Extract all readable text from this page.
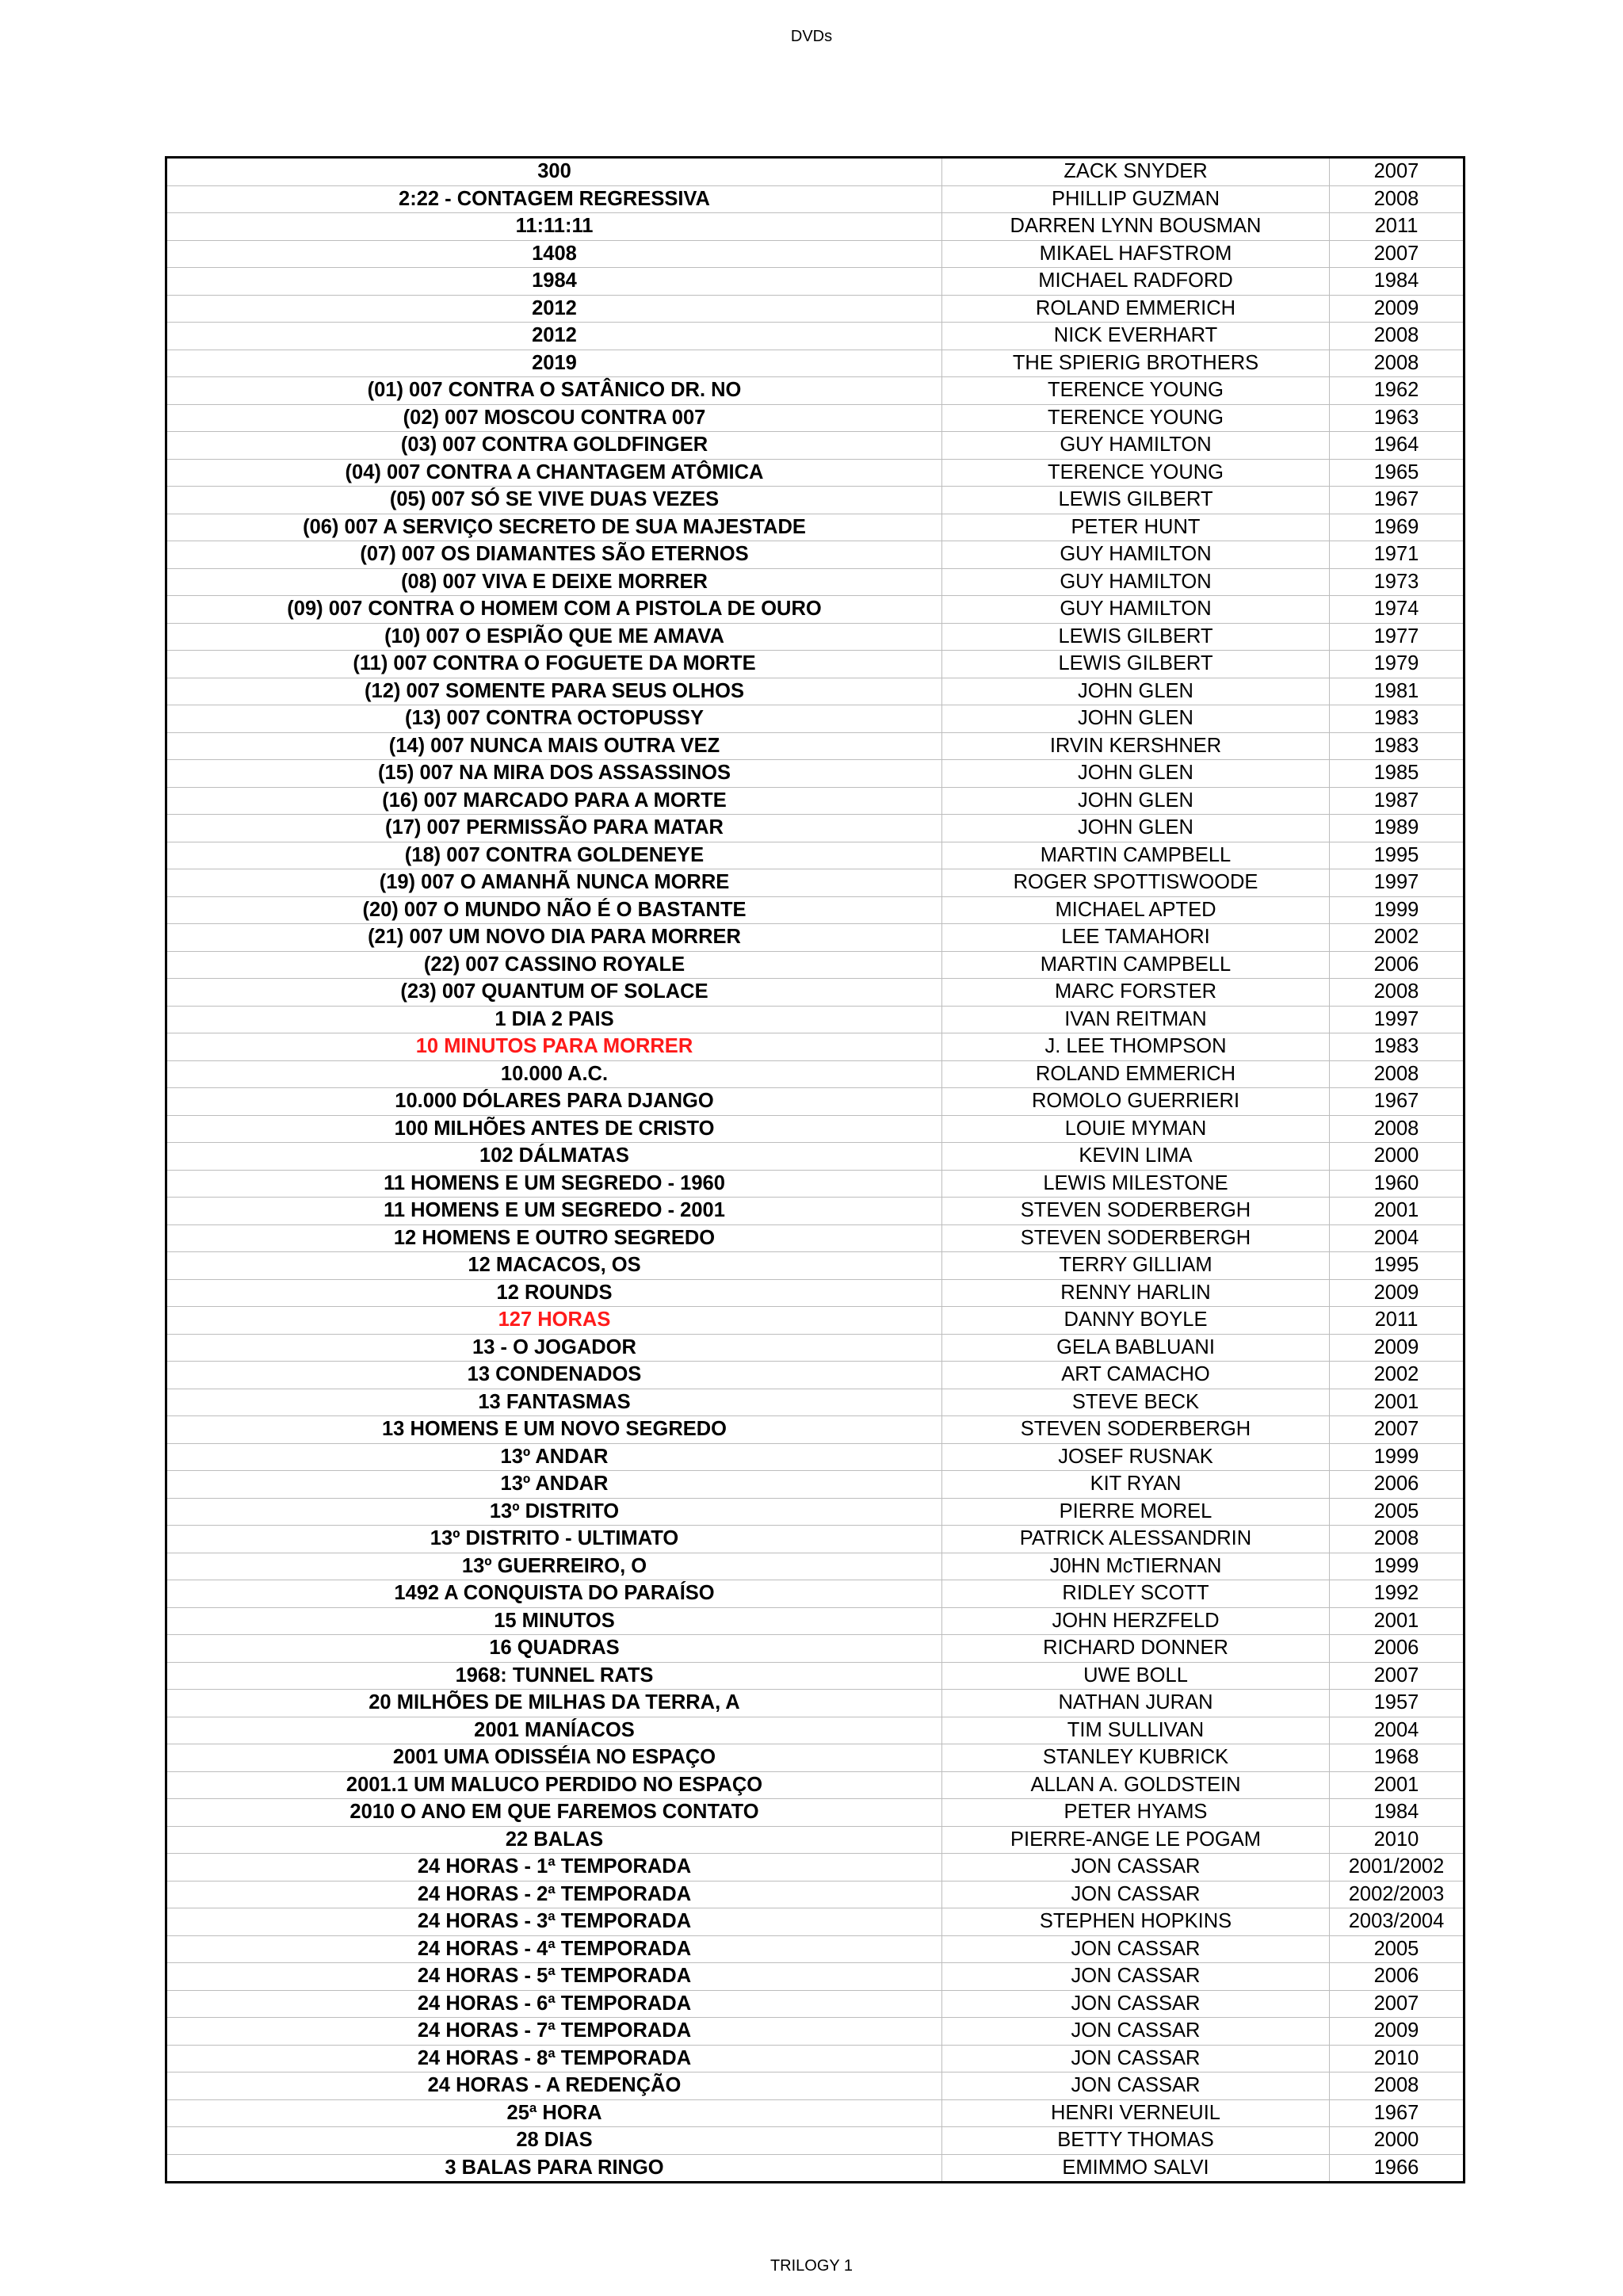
DVDs
300	ZACK SNYDER	2007
2:22 - CONTAGEM REGRESSIVA	PHILLIP GUZMAN	2008
11:11:11	DARREN LYNN BOUSMAN	2011
1408	MIKAEL HAFSTROM	2007
1984	MICHAEL RADFORD	1984
2012	ROLAND EMMERICH	2009
2012	NICK EVERHART	2008
2019	THE SPIERIG BROTHERS	2008
(01) 007 CONTRA O SATÂNICO DR. NO	TERENCE YOUNG	1962
(02) 007 MOSCOU CONTRA 007	TERENCE YOUNG	1963
(03) 007 CONTRA GOLDFINGER	GUY HAMILTON	1964
(04) 007 CONTRA A CHANTAGEM ATÔMICA	TERENCE YOUNG	1965
(05) 007 SÓ SE VIVE DUAS VEZES	LEWIS GILBERT	1967
(06) 007 A SERVIÇO SECRETO DE SUA MAJESTADE	PETER HUNT	1969
(07) 007 OS DIAMANTES SÃO ETERNOS	GUY HAMILTON	1971
(08) 007 VIVA E DEIXE MORRER	GUY HAMILTON	1973
(09) 007 CONTRA O HOMEM COM A PISTOLA DE OURO	GUY HAMILTON	1974
(10) 007 O ESPIÃO QUE ME AMAVA	LEWIS GILBERT	1977
(11) 007 CONTRA O FOGUETE DA MORTE	LEWIS GILBERT	1979
(12) 007 SOMENTE PARA SEUS OLHOS	JOHN GLEN	1981
(13) 007 CONTRA OCTOPUSSY	JOHN GLEN	1983
(14) 007 NUNCA MAIS OUTRA VEZ	IRVIN KERSHNER	1983
(15) 007 NA MIRA DOS ASSASSINOS	JOHN GLEN	1985
(16) 007 MARCADO PARA A MORTE	JOHN GLEN	1987
(17) 007 PERMISSÃO PARA MATAR	JOHN GLEN	1989
(18) 007 CONTRA GOLDENEYE	MARTIN CAMPBELL	1995
(19) 007 O AMANHÃ NUNCA MORRE	ROGER SPOTTISWOODE	1997
(20) 007 O MUNDO NÃO É O BASTANTE	MICHAEL APTED	1999
(21) 007 UM NOVO DIA PARA MORRER	LEE TAMAHORI	2002
(22) 007 CASSINO ROYALE	MARTIN CAMPBELL	2006
(23) 007 QUANTUM OF SOLACE	MARC FORSTER	2008
1 DIA 2 PAIS	IVAN REITMAN	1997
10 MINUTOS PARA MORRER	J. LEE THOMPSON	1983
10.000 A.C.	ROLAND EMMERICH	2008
10.000 DÓLARES PARA DJANGO	ROMOLO GUERRIERI	1967
100 MILHÕES ANTES DE CRISTO	LOUIE MYMAN	2008
102 DÁLMATAS	KEVIN LIMA	2000
11 HOMENS E UM SEGREDO - 1960	LEWIS MILESTONE	1960
11 HOMENS E UM SEGREDO - 2001	STEVEN SODERBERGH	2001
12 HOMENS E OUTRO SEGREDO	STEVEN SODERBERGH	2004
12 MACACOS, OS	TERRY GILLIAM	1995
12 ROUNDS	RENNY HARLIN	2009
127 HORAS	DANNY BOYLE	2011
13 - O JOGADOR	GELA BABLUANI	2009
13 CONDENADOS	ART CAMACHO	2002
13 FANTASMAS	STEVE BECK	2001
13 HOMENS E UM NOVO SEGREDO	STEVEN SODERBERGH	2007
13º ANDAR	JOSEF RUSNAK	1999
13º ANDAR	KIT RYAN	2006
13º DISTRITO	PIERRE MOREL	2005
13º DISTRITO - ULTIMATO	PATRICK ALESSANDRIN	2008
13º GUERREIRO, O	J0HN McTIERNAN	1999
1492 A CONQUISTA DO PARAÍSO	RIDLEY SCOTT	1992
15 MINUTOS	JOHN HERZFELD	2001
16 QUADRAS	RICHARD DONNER	2006
1968: TUNNEL RATS	UWE BOLL	2007
20 MILHÕES DE MILHAS DA TERRA, A	NATHAN JURAN	1957
2001 MANÍACOS	TIM SULLIVAN	2004
2001 UMA ODISSÉIA NO ESPAÇO	STANLEY KUBRICK	1968
2001.1 UM MALUCO PERDIDO NO ESPAÇO	ALLAN A. GOLDSTEIN	2001
2010 O ANO EM QUE FAREMOS CONTATO	PETER HYAMS	1984
22 BALAS	PIERRE-ANGE LE POGAM	2010
24 HORAS - 1ª TEMPORADA	JON CASSAR	2001/2002
24 HORAS - 2ª TEMPORADA	JON CASSAR	2002/2003
24 HORAS - 3ª TEMPORADA	STEPHEN HOPKINS	2003/2004
24 HORAS - 4ª TEMPORADA	JON CASSAR	2005
24 HORAS - 5ª TEMPORADA	JON CASSAR	2006
24 HORAS - 6ª TEMPORADA	JON CASSAR	2007
24 HORAS - 7ª TEMPORADA	JON CASSAR	2009
24 HORAS - 8ª TEMPORADA	JON CASSAR	2010
24 HORAS - A REDENÇÃO	JON CASSAR	2008
25ª HORA	HENRI VERNEUIL	1967
28 DIAS	BETTY THOMAS	2000
3 BALAS PARA RINGO	EMIMMO SALVI	1966
TRILOGY 1
